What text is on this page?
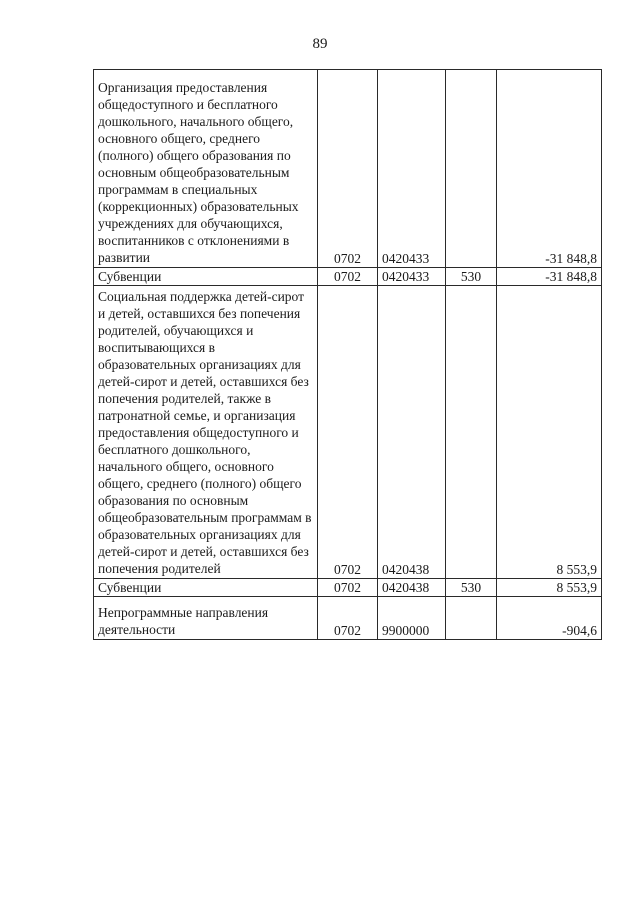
89
Организация предоставления общедоступного и бесплатного дошкольного, начального общего, основного общего, среднего (полного) общего образования по основным общеобразовательным программам в специальных (коррекционных) образовательных учреждениях для обучающихся, воспитанников с отклонениями в развитии	0702	0420433		-31 848,8
Субвенции	0702	0420433	530	-31 848,8

Социальная поддержка детей-сирот и детей, оставшихся без попечения родителей, обучающихся и воспитывающихся в образовательных организациях для детей-сирот и детей, оставшихся без попечения родителей, также в патронатной семье, и организация предоставления общедоступного и бесплатного дошкольного, начального общего, основного общего, среднего (полного) общего образования по основным общеобразовательным программам в образовательных организациях для детей-сирот и детей, оставшихся без попечения родителей	0702	0420438		8 553,9
Субвенции	0702	0420438	530	8 553,9

Непрограммные направления деятельности	0702	9900000		-904,6
